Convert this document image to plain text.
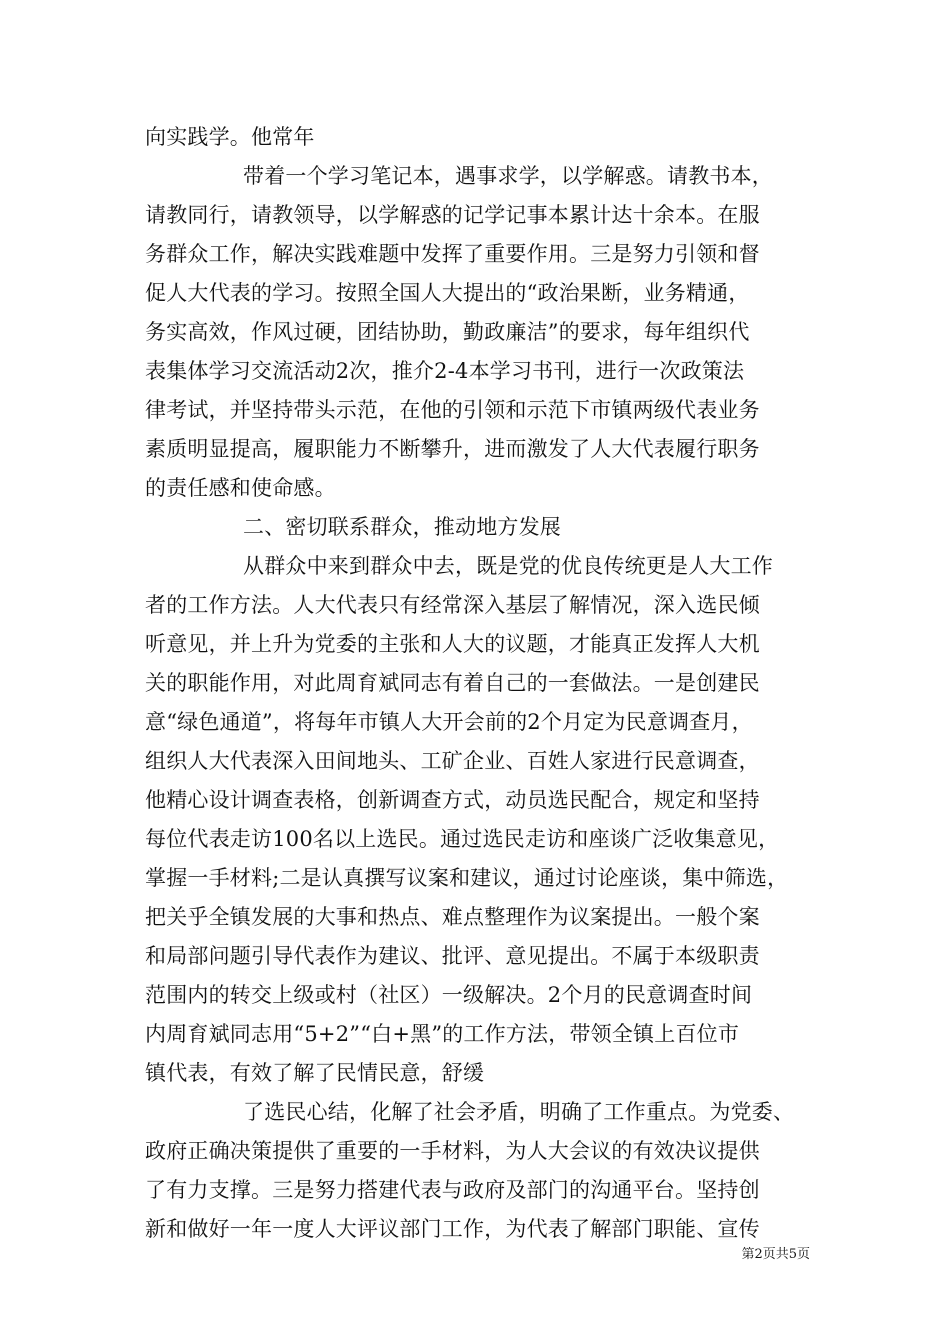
向实践学。他常年
带着一个学习笔记本，遇事求学，以学解惑。请教书本，
请教同行，请教领导，以学解惑的记学记事本累计达十余本。在服
务群众工作，解决实践难题中发挥了重要作用。三是努力引领和督
促人大代表的学习。按照全国人大提出的“政治果断，业务精通，
务实高效，作风过硬，团结协助，勤政廉洁”的要求，每年组织代
表集体学习交流活动2次，推介2-4本学习书刊，进行一次政策法
律考试，并坚持带头示范，在他的引领和示范下市镇两级代表业务
素质明显提高，履职能力不断攀升，进而激发了人大代表履行职务
的责任感和使命感。
二、密切联系群众，推动地方发展
从群众中来到群众中去，既是党的优良传统更是人大工作
者的工作方法。人大代表只有经常深入基层了解情况，深入选民倾
听意见，并上升为党委的主张和人大的议题，才能真正发挥人大机
关的职能作用，对此周育斌同志有着自己的一套做法。一是创建民
意“绿色通道”，将每年市镇人大开会前的2个月定为民意调查月，
组织人大代表深入田间地头、工矿企业、百姓人家进行民意调查，
他精心设计调查表格，创新调查方式，动员选民配合，规定和坚持
每位代表走访100名以上选民。通过选民走访和座谈广泛收集意见，
掌握一手材料;二是认真撰写议案和建议，通过讨论座谈，集中筛选，
把关乎全镇发展的大事和热点、难点整理作为议案提出。一般个案
和局部问题引导代表作为建议、批评、意见提出。不属于本级职责
范围内的转交上级或村（社区）一级解决。2个月的民意调查时间
内周育斌同志用“5+2”“白+黑”的工作方法，带领全镇上百位市
镇代表，有效了解了民情民意，舒缓
了选民心结，化解了社会矛盾，明确了工作重点。为党委、
政府正确决策提供了重要的一手材料，为人大会议的有效决议提供
了有力支撑。三是努力搭建代表与政府及部门的沟通平台。坚持创
新和做好一年一度人大评议部门工作，为代表了解部门职能、宣传
第2页共5页
